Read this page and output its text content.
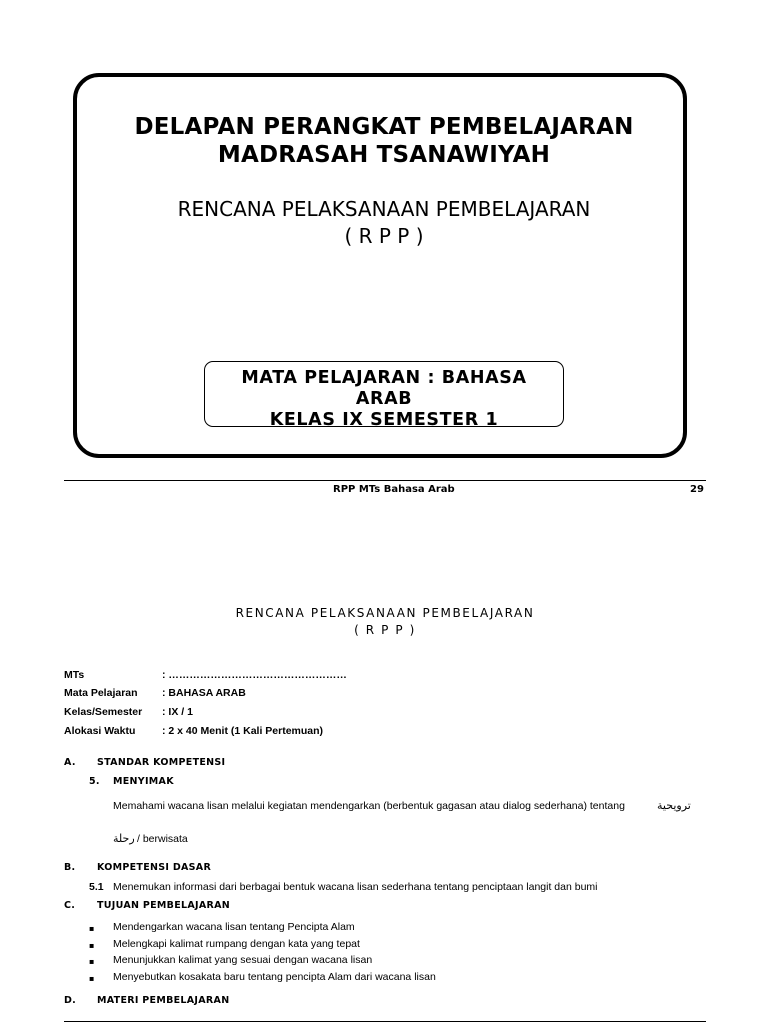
DELAPAN PERANGKAT PEMBELAJARAN
MADRASAH TSANAWIYAH
RENCANA PELAKSANAAN PEMBELAJARAN
( R P P )
MATA PELAJARAN : BAHASA
ARAB
KELAS IX SEMESTER 1
RPP MTs Bahasa Arab	29
RENCANA PELAKSANAAN PEMBELAJARAN
( R P P )
MTs	: ……………………………………………
Mata Pelajaran : BAHASA ARAB
Kelas/Semester : IX / 1
Alokasi Waktu	: 2 x 40 Menit (1 Kali Pertemuan)
A. STANDAR KOMPETENSI
5. MENYIMAK
Memahami wacana lisan melalui kegiatan mendengarkan (berbentuk gagasan atau dialog sederhana) tentang	ترويحية
رحلة / berwisata
B. KOMPETENSI DASAR
5.1 Menemukan informasi dari berbagai bentuk wacana lisan sederhana tentang penciptaan langit dan bumi
C. TUJUAN PEMBELAJARAN
▪ Mendengarkan wacana lisan tentang Pencipta Alam
▪ Melengkapi kalimat rumpang dengan kata yang tepat
▪ Menunjukkan kalimat yang sesuai dengan wacana lisan
▪ Menyebutkan kosakata baru tentang pencipta Alam dari wacana lisan
D. MATERI PEMBELAJARAN
